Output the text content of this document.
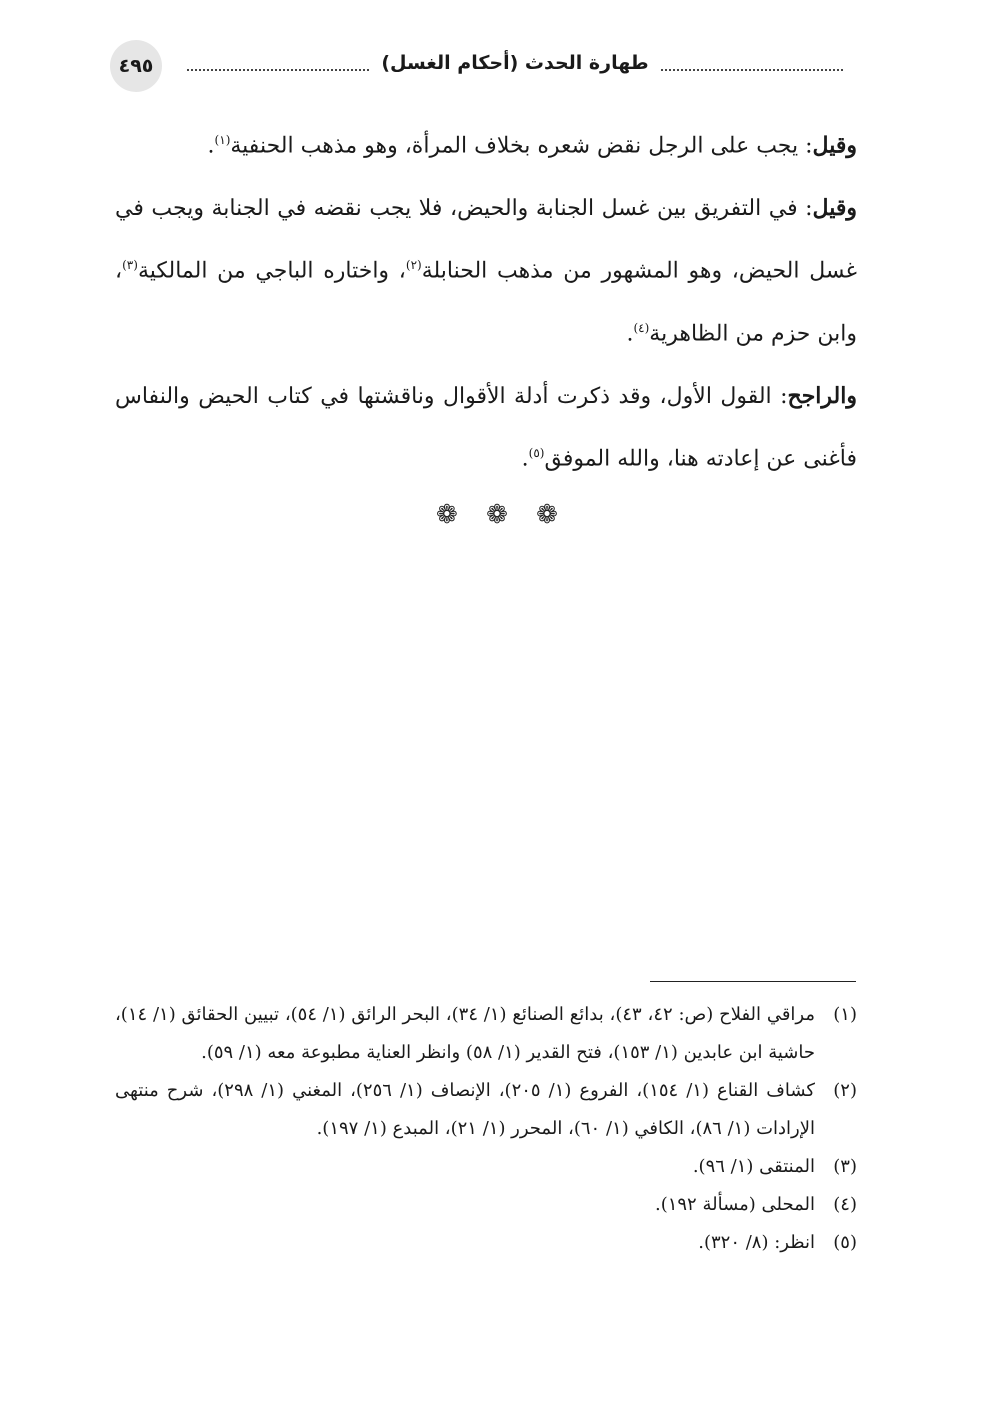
٤٩٥	طهارة الحدث (أحكام الغسل)

وقيل: يجب على الرجل نقض شعره بخلاف المرأة، وهو مذهب الحنفية$^{(١)}$.

وقيل: في التفريق بين غسل الجنابة والحيض، فلا يجب نقضه في الجنابة ويجب في غسل الحيض، وهو المشهور من مذهب الحنابلة$^{(٢)}$، واختاره الباجي من المالكية$^{(٣)}$، وابن حزم من الظاهرية$^{(٤)}$.

والراجح: القول الأول، وقد ذكرت أدلة الأقوال وناقشتها في كتاب الحيض والنفاس فأغنى عن إعادته هنا، والله الموفق$^{(٥)}$.

❁ ❁ ❁
(١)
مراقي الفلاح (ص: ٤٢، ٤٣)، بدائع الصنائع (١/ ٣٤)، البحر الرائق (١/ ٥٤)، تبيين الحقائق (١/ ١٤)، حاشية ابن عابدين (١/ ١٥٣)، فتح القدير (١/ ٥٨) وانظر العناية مطبوعة معه (١/ ٥٩).
(٢)
كشاف القناع (١/ ١٥٤)، الفروع (١/ ٢٠٥)، الإنصاف (١/ ٢٥٦)، المغني (١/ ٢٩٨)، شرح منتهى الإرادات (١/ ٨٦)، الكافي (١/ ٦٠)، المحرر (١/ ٢١)، المبدع (١/ ١٩٧).
(٣)
المنتقى (١/ ٩٦).
(٤)
المحلى (مسألة ١٩٢).
(٥)
انظر: (٨/ ٣٢٠).
